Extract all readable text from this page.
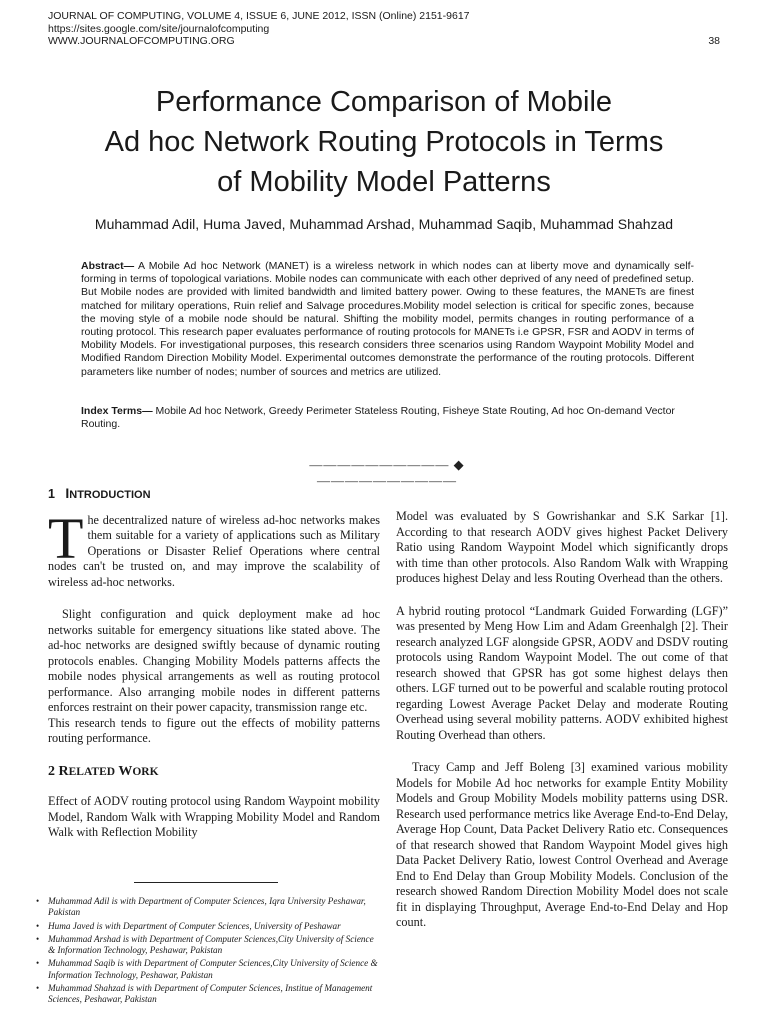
JOURNAL OF COMPUTING, VOLUME 4, ISSUE 6, JUNE 2012, ISSN (Online) 2151-9617
https://sites.google.com/site/journalofcomputing
WWW.JOURNALOFCOMPUTING.ORG	38
Performance Comparison of Mobile
Ad hoc Network Routing Protocols in Terms
of Mobility Model Patterns
Muhammad Adil, Huma Javed, Muhammad Arshad, Muhammad Saqib, Muhammad Shahzad
Abstract— A Mobile Ad hoc Network (MANET) is a wireless network in which nodes can at liberty move and dynamically self-forming in terms of topological variations. Mobile nodes can communicate with each other deprived of any need of predefined setup. But Mobile nodes are provided with limited bandwidth and limited battery power. Owing to these features, the MANETs are finest matched for military operations, Ruin relief and Salvage procedures.Mobility model selection is critical for specific zones, because the moving style of a mobile node should be natural. Shifting the mobility model, permits changes in routing performance of a routing protocol. This research paper evaluates performance of routing protocols for MANETs i.e GPSR, FSR and AODV in terms of Mobility Models. For investigational purposes, this research considers three scenarios using Random Waypoint Mobility Model and Modified Random Direction Mobility Model. Experimental outcomes demonstrate the performance of the routing protocols. Different parameters like number of nodes; number of sources and metrics are utilized.
Index Terms— Mobile Ad hoc Network, Greedy Perimeter Stateless Routing, Fisheye State Routing, Ad hoc On-demand Vector Routing.
—————————— ◆ ——————————
1 INTRODUCTION

The decentralized nature of wireless ad-hoc networks makes them suitable for a variety of applications such as Military Operations or Disaster Relief Operations where central nodes can't be trusted on, and may improve the scalability of wireless ad-hoc networks.

Slight configuration and quick deployment make ad hoc networks suitable for emergency situations like stated above. The ad-hoc networks are designed swiftly because of dynamic routing protocols enables. Changing Mobility Models patterns affects the mobile nodes physical arrangements as well as routing protocol performance. Also arranging mobile nodes in different patterns enforces restraint on their power capacity, transmission range etc.

This research tends to figure out the effects of mobility patterns routing performance.

2 RELATED WORK

Effect of AODV routing protocol using Random Waypoint mobility Model, Random Walk with Wrapping Mobility Model and Random Walk with Reflection Mobility

Model was evaluated by S Gowrishankar and S.K Sarkar [1]. According to that research AODV gives highest Packet Delivery Ratio using Random Waypoint Model which significantly drops with time than other protocols. Also Random Walk with Wrapping produces highest Delay and less Routing Overhead than the others.

A hybrid routing protocol “Landmark Guided Forwarding (LGF)” was presented by Meng How Lim and Adam Greenhalgh [2]. Their research analyzed LGF alongside GPSR, AODV and DSDV routing protocols using Random Waypoint Model. The out come of that research showed that GPSR has got some highest delays then others. LGF turned out to be powerful and scalable routing protocol regarding Lowest Average Packet Delay and moderate Routing Overhead using several mobility patterns. AODV exhibited highest Routing Overhead than others.

Tracy Camp and Jeff Boleng [3] examined various mobility Models for Mobile Ad hoc networks for example Entity Mobility Models and Group Mobility Models mobility patterns using DSR. Research used performance metrics like Average End-to-End Delay, Average Hop Count, Data Packet Delivery Ratio etc. Consequences of that research showed that Random Waypoint Model gives high Data Packet Delivery Ratio, lowest Control Overhead and Average End to End Delay than Group Mobility Models. Conclusion of the research showed Random Direction Mobility Model does not scale fit in displaying Throughput, Average End-to-End Delay and Hop count.

• Muhammad Adil is with Department of Computer Sciences, Iqra University Peshawar, Pakistan
• Huma Javed is with Department of Computer Sciences, University of Peshawar
• Muhammad Arshad is with Department of Computer Sciences,City University of Science & Information Technology, Peshawar, Pakistan
• Muhammad Saqib is with Department of Computer Sciences,City University of Science & Information Technology, Peshawar, Pakistan
• Muhammad Shahzad is with Department of Computer Sciences, Institue of Management Sciences, Peshawar, Pakistan
